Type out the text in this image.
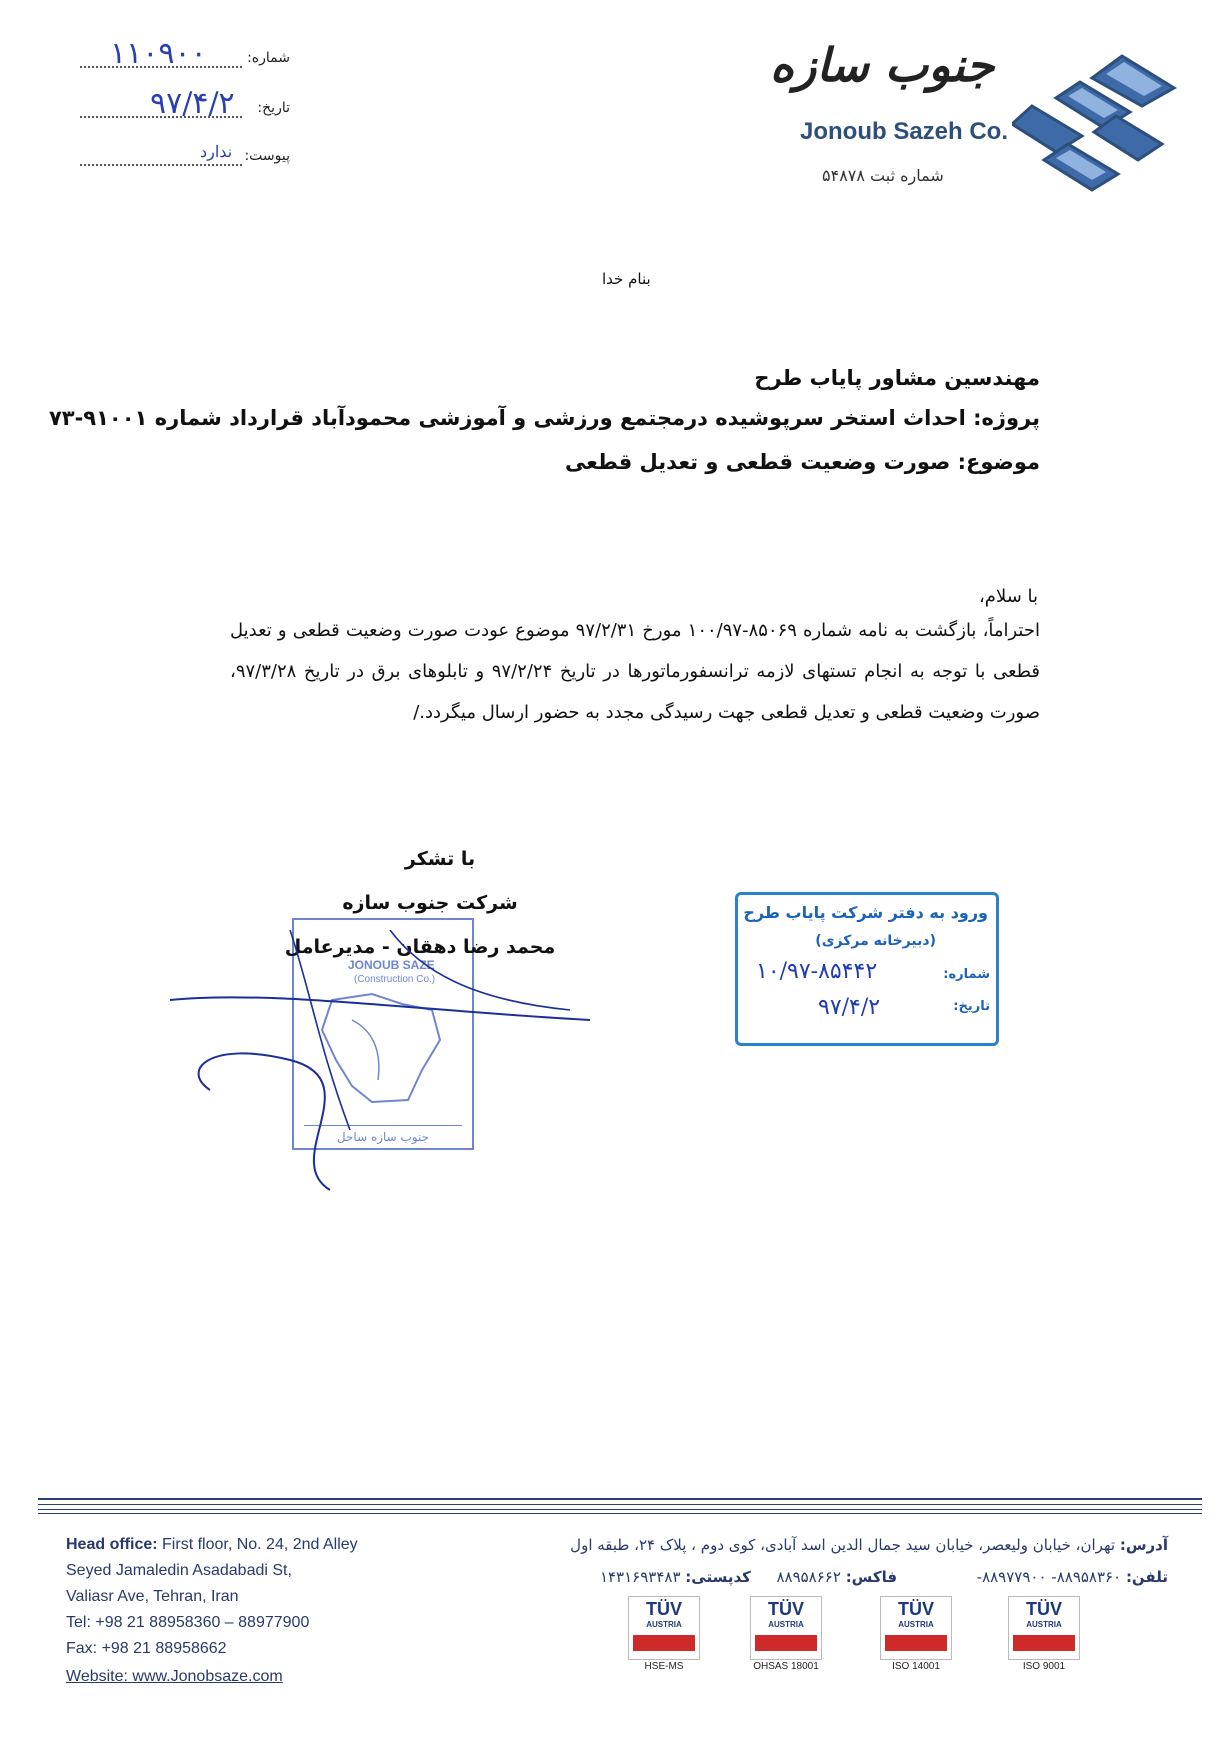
شماره:
۱۱۰۹۰۰
تاریخ:
۹۷/۴/۲
پیوست:
ندارد
جنوب سازه
Jonoub Sazeh Co.
شماره ثبت ۵۴۸۷۸
بنام خدا
مهندسین مشاور پایاب طرح
پروژه: احداث استخر سرپوشیده درمجتمع ورزشی و آموزشی محمودآباد قرارداد شماره ۹۱۰۰۱-۷۳
موضوع: صورت وضعیت قطعی و تعدیل قطعی
با سلام،
احتراماً، بازگشت به نامه شماره ۸۵۰۶۹-۱۰۰/۹۷ مورخ ۹۷/۲/۳۱ موضوع عودت صورت وضعیت قطعی و تعدیل قطعی با توجه به انجام تستهای لازمه ترانسفورماتورها در تاریخ ۹۷/۲/۲۴ و تابلوهای برق در تاریخ ۹۷/۳/۲۸، صورت وضعیت قطعی و تعدیل قطعی جهت رسیدگی مجدد به حضور ارسال میگردد./
JONOUB SAZE
(Construction Co.)
جنوب سازه ساحل
با تشکر
شرکت جنوب سازه
محمد رضا دهقان - مدیرعامل
ورود به دفتر شرکت پایاب طرح
(دبیرخانه مرکزی)
شماره:
۱۰/۹۷-۸۵۴۴۲
تاریخ:
۹۷/۴/۲
Head office: First floor, No. 24, 2nd Alley
Seyed Jamaledin Asadabadi St,
Valiasr Ave, Tehran, Iran
Tel: +98 21 88958360 – 88977900
Fax: +98 21 88958662
Website: www.Jonobsaze.com
آدرس: تهران، خیابان ولیعصر، خیابان سید جمال الدین اسد آبادی، کوی دوم ، پلاک ۲۴، طبقه اول
تلفن: ۸۸۹۵۸۳۶۰- ۸۸۹۷۷۹۰۰-  فاکس: ۸۸۹۵۸۶۶۲  کدپستی: ۱۴۳۱۶۹۳۴۸۳
TÜV
AUSTRIA
HSE-MS
TÜV
AUSTRIA
OHSAS 18001
TÜV
AUSTRIA
ISO 14001
TÜV
AUSTRIA
ISO 9001
